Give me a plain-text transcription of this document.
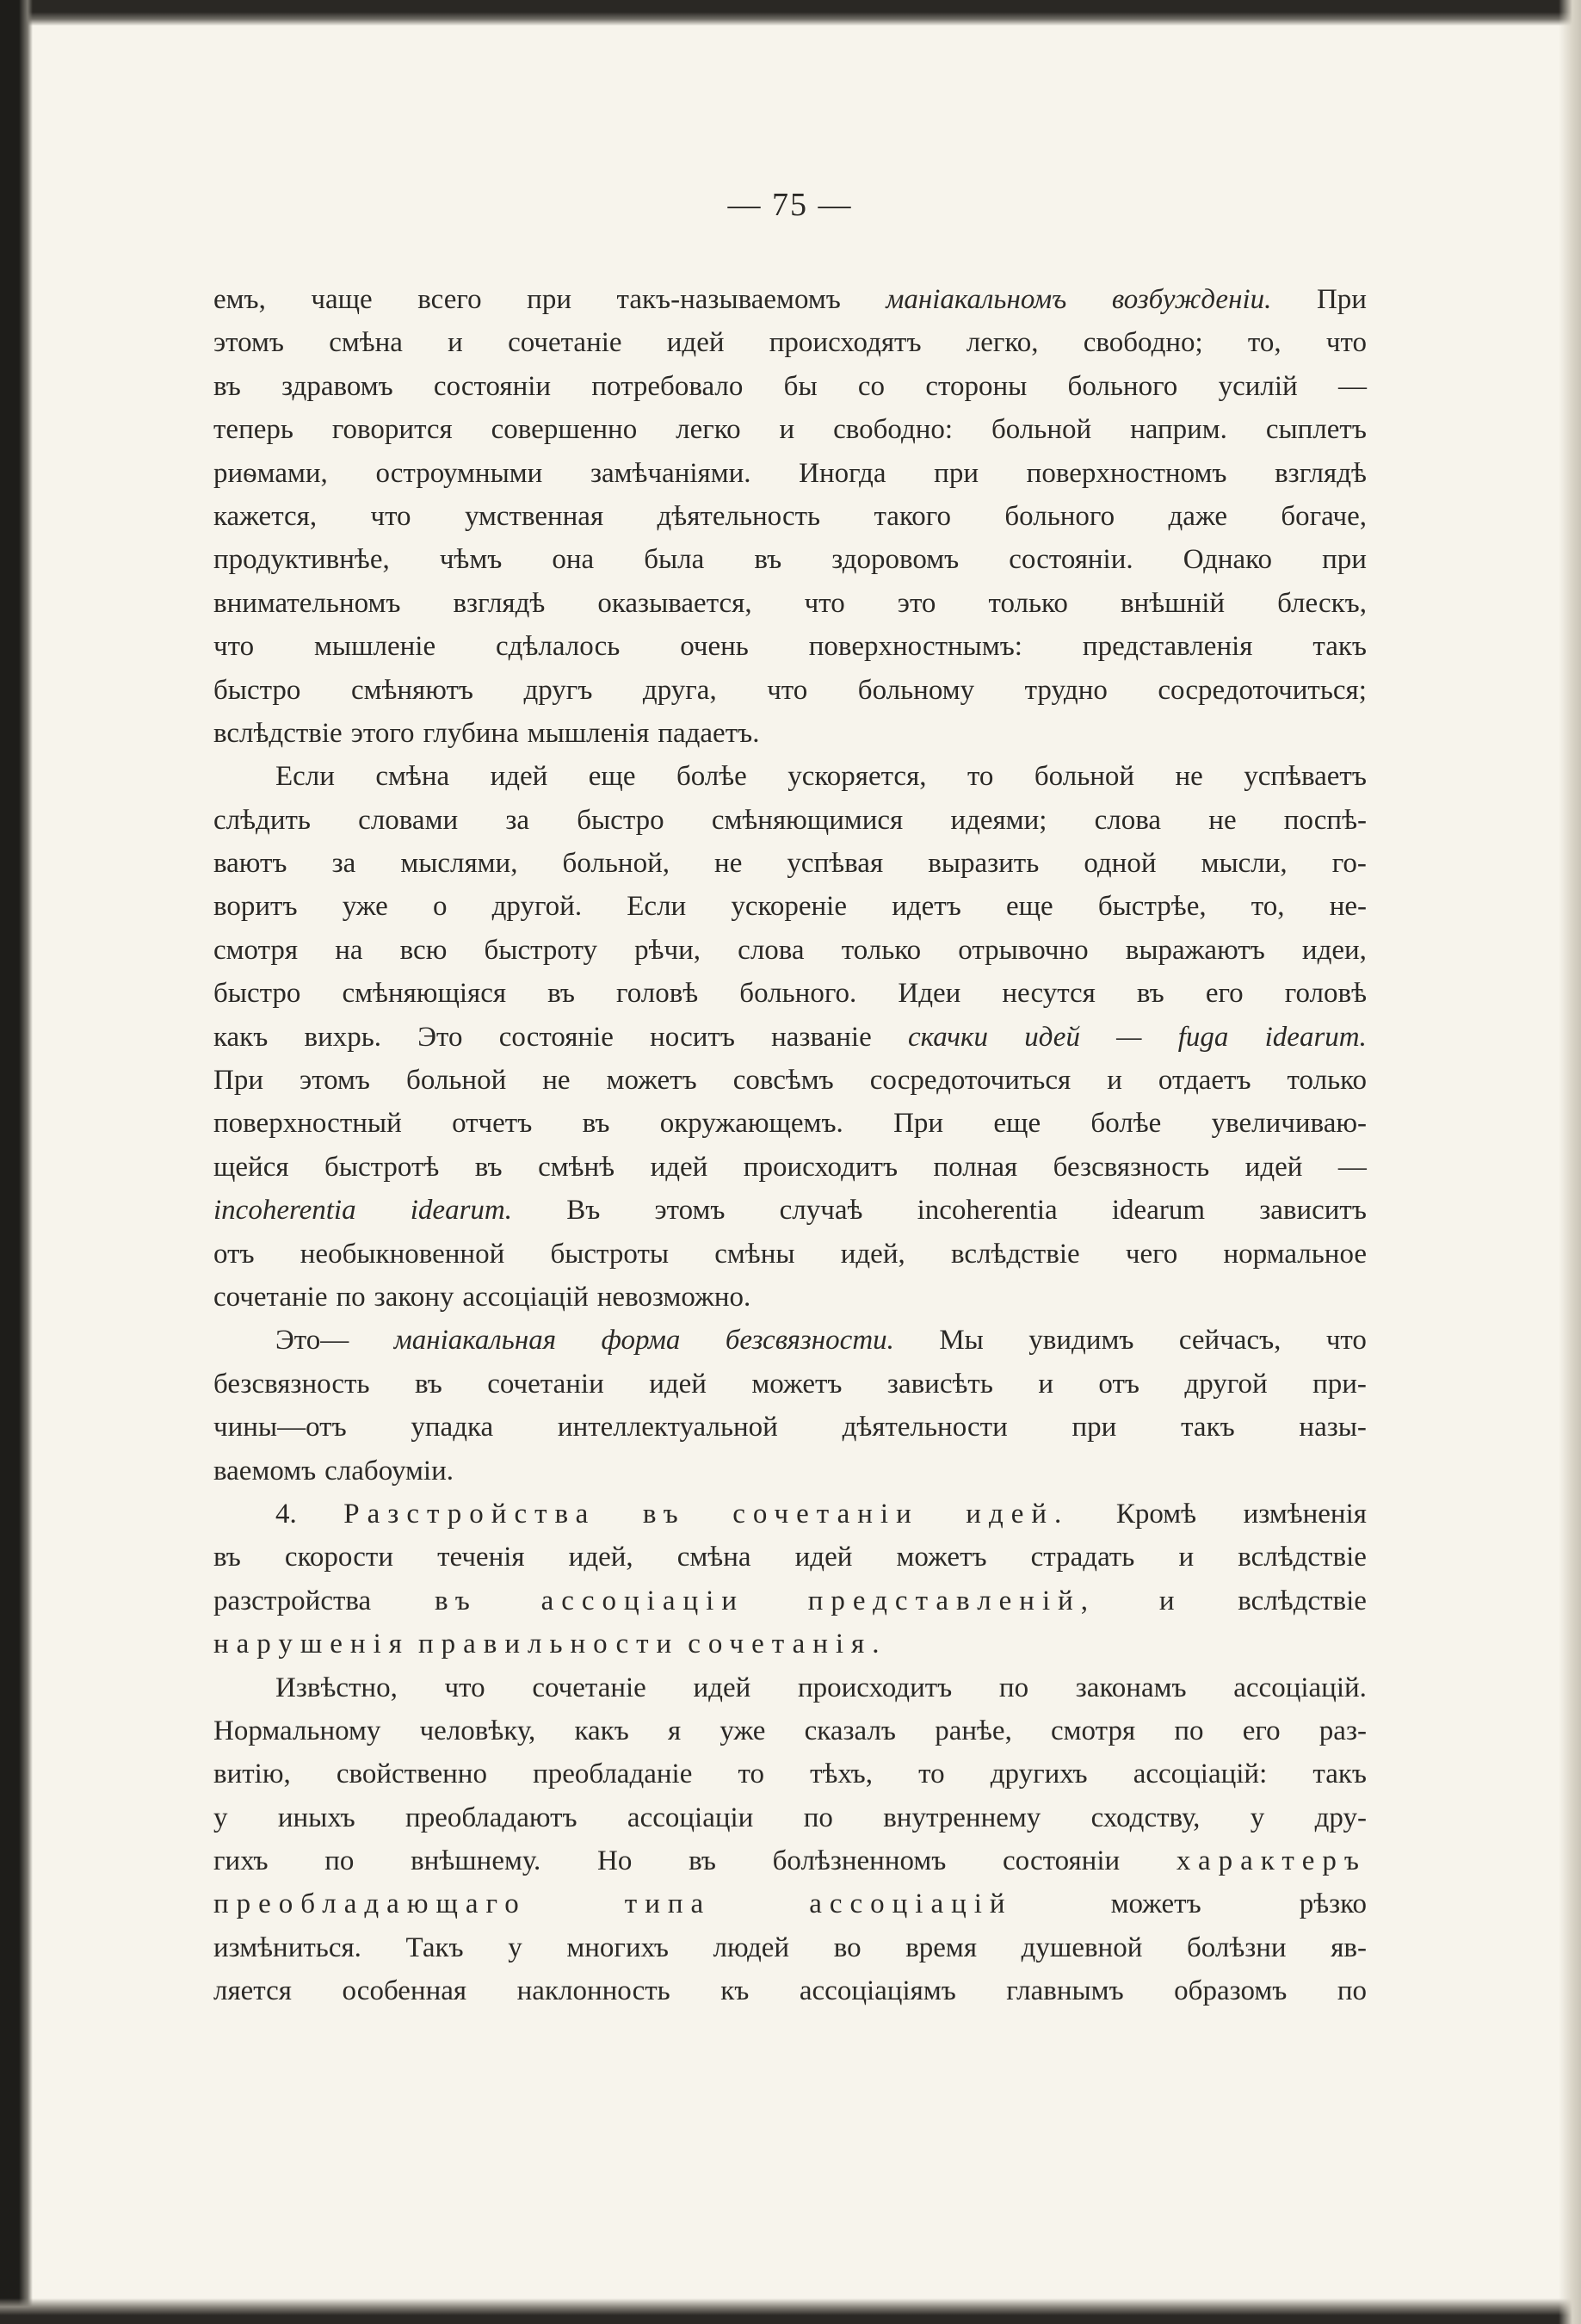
— 75 —
емъ, чаще всего при такъ-называемомъ маніакальномъ возбужденіи. При
этомъ смѣна и сочетаніе идей происходятъ легко, свободно; то, что
въ здравомъ состояніи потребовало бы со стороны больного усилій —
теперь говорится совершенно легко и свободно: больной наприм. сыплетъ
риѳмами, остроумными замѣчаніями. Иногда при поверхностномъ взглядѣ
кажется, что умственная дѣятельность такого больного даже богаче,
продуктивнѣе, чѣмъ она была въ здоровомъ состояніи. Однако при
внимательномъ взглядѣ оказывается, что это только внѣшній блескъ,
что мышленіе сдѣлалось очень поверхностнымъ: представленія такъ
быстро смѣняютъ другъ друга, что больному трудно сосредоточиться;
вслѣдствіе этого глубина мышленія падаетъ.
Если смѣна идей еще болѣе ускоряется, то больной не успѣваетъ
слѣдить словами за быстро смѣняющимися идеями; слова не поспѣ-
ваютъ за мыслями, больной, не успѣвая выразить одной мысли, го-
воритъ уже о другой. Если ускореніе идетъ еще быстрѣе, то, не-
смотря на всю быстроту рѣчи, слова только отрывочно выражаютъ идеи,
быстро смѣняющіяся въ головѣ больного. Идеи несутся въ его головѣ
какъ вихрь. Это состояніе носитъ названіе скачки идей — fuga idearum.
При этомъ больной не можетъ совсѣмъ сосредоточиться и отдаетъ только
поверхностный отчетъ въ окружающемъ. При еще болѣе увеличиваю-
щейся быстротѣ въ смѣнѣ идей происходитъ полная безсвязность идей —
incoherentia idearum. Въ этомъ случаѣ incoherentia idearum зависитъ
отъ необыкновенной быстроты смѣны идей, вслѣдствіе чего нормальное
сочетаніе по закону ассоціацій невозможно.
Это— маніакальная форма безсвязности. Мы увидимъ сейчасъ, что
безсвязность въ сочетаніи идей можетъ зависѣть и отъ другой при-
чины—отъ упадка интеллектуальной дѣятельности при такъ назы-
ваемомъ слабоуміи.
4. Разстройства въ сочетаніи идей. Кромѣ измѣненія
въ скорости теченія идей, смѣна идей можетъ страдать и вслѣдствіе
разстройства въ ассоціаціи представленій, и вслѣдствіе
нарушенія правильности сочетанія.
Извѣстно, что сочетаніе идей происходитъ по законамъ ассоціацій.
Нормальному человѣку, какъ я уже сказалъ ранѣе, смотря по его раз-
витію, свойственно преобладаніе то тѣхъ, то другихъ ассоціацій: такъ
у иныхъ преобладаютъ ассоціаціи по внутреннему сходству, у дру-
гихъ по внѣшнему. Но въ болѣзненномъ состояніи характеръ
преобладающаго	типа	ассоціацій	можетъ	рѣзко
измѣниться. Такъ у многихъ людей во время душевной болѣзни яв-
ляется особенная наклонность къ ассоціаціямъ главнымъ образомъ по
